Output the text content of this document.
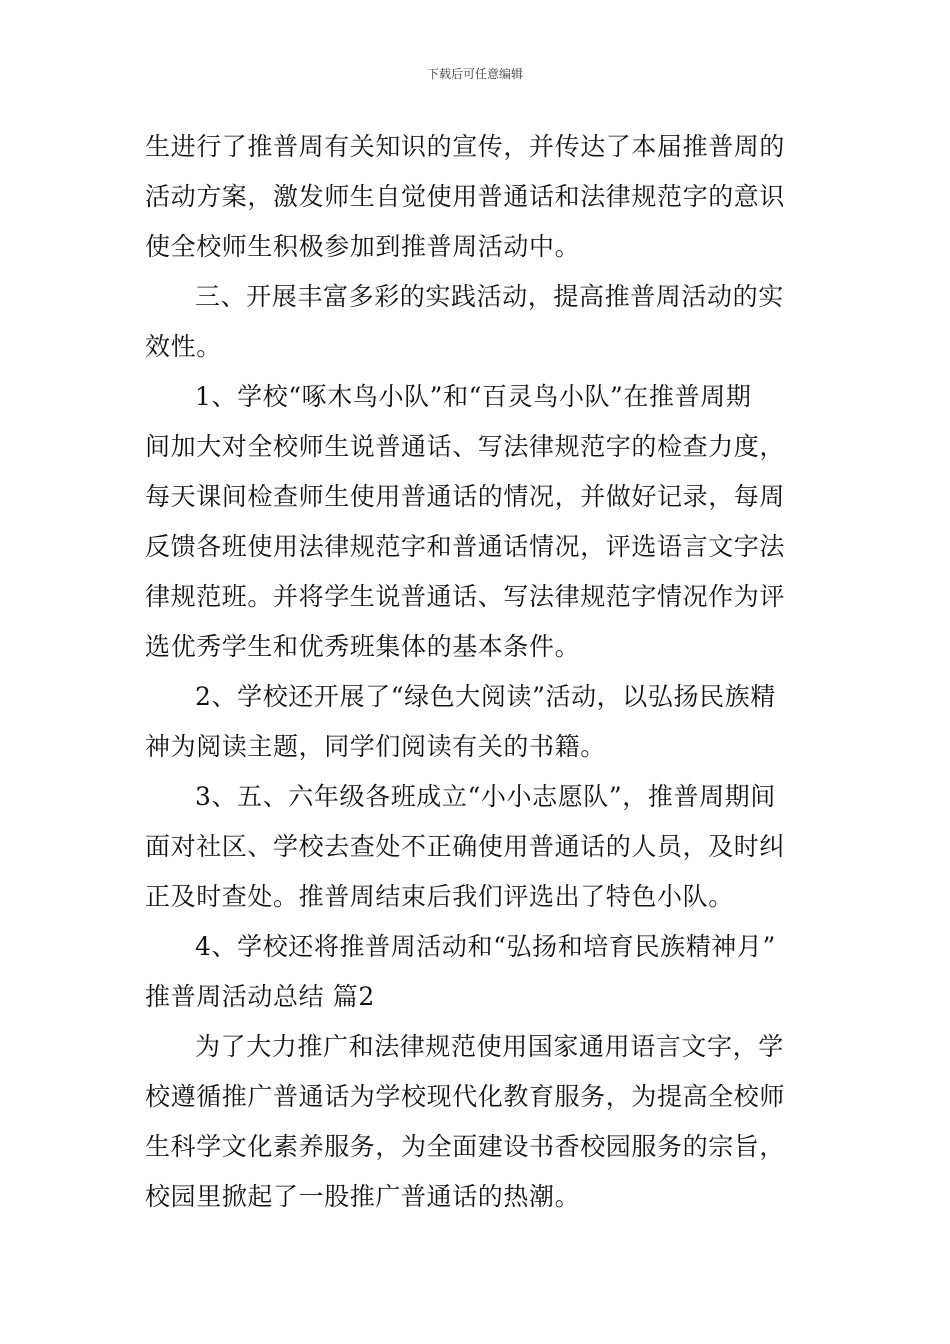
下载后可任意编辑
生进行了推普周有关知识的宣传，并传达了本届推普周的
活动方案，激发师生自觉使用普通话和法律规范字的意识
使全校师生积极参加到推普周活动中。
三、开展丰富多彩的实践活动，提高推普周活动的实
效性。
1、学校“啄木鸟小队”和“百灵鸟小队”在推普周期
间加大对全校师生说普通话、写法律规范字的检查力度，
每天课间检查师生使用普通话的情况，并做好记录，每周
反馈各班使用法律规范字和普通话情况，评选语言文字法
律规范班。并将学生说普通话、写法律规范字情况作为评
选优秀学生和优秀班集体的基本条件。
2、学校还开展了“绿色大阅读”活动，以弘扬民族精
神为阅读主题，同学们阅读有关的书籍。
3、五、六年级各班成立“小小志愿队”，推普周期间
面对社区、学校去查处不正确使用普通话的人员，及时纠
正及时查处。推普周结束后我们评选出了特色小队。
4、学校还将推普周活动和“弘扬和培育民族精神月”
推普周活动总结 篇2
为了大力推广和法律规范使用国家通用语言文字，学
校遵循推广普通话为学校现代化教育服务，为提高全校师
生科学文化素养服务，为全面建设书香校园服务的宗旨，
校园里掀起了一股推广普通话的热潮。
